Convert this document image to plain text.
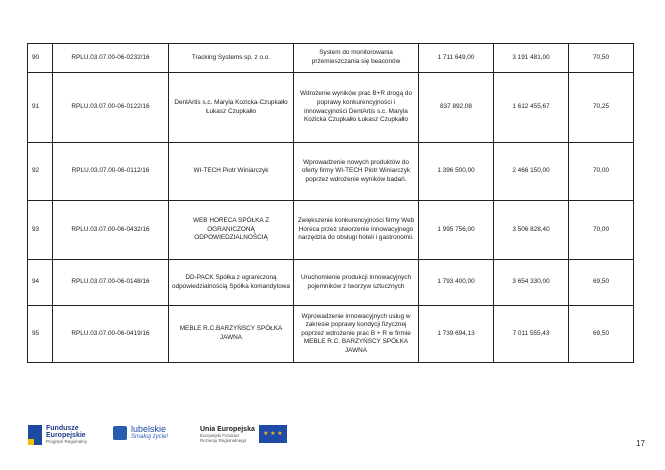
90	RPLU.03.07.00-06-0232/16	Tracking Systems sp. z o.o.	System do monitorowania przemieszczania się beaconów	1 711 649,00	3 191 481,00	70,50
91	RPLU.03.07.00-06-0122/16	DentArtis s.c. Maryla Kozicka-Czupkałło Łukasz Czupkałło	Wdrożenie wyników prac B+R drogą do poprawy konkurencyjności i innowacyjności DentArtis s.c. Maryla Kozicka Czupkałło Łukasz Czupkałło	837 892,08	1 612 455,67	70,25
92	RPLU.03.07.00-06-0112/16	WI-TECH Piotr Winiarczyk	Wprowadzenie nowych produktów do oferty firmy WI-TECH Piotr Winiarczyk poprzez wdrożenie wyników badań.	1 396 500,00	2 466 150,00	70,00
93	RPLU.03.07.00-06-0432/16	WEB HORECA SPÓŁKA Z OGRANICZONĄ ODPOWIEDZIALNOŚCIĄ	Zwiększenie konkurencyjności firmy Web Horeca przez stworzenie innowacyjnego narzędzia do obsługi hoteli i gastronomii.	1 995 756,00	3 506 828,40	70,00
94	RPLU.03.07.00-06-0148/16	DD-PACK Spółka z ograniczoną odpowiedzialnością Spółka komandytowa	Uruchomienie produkcji innowacyjnych pojemników z tworzyw sztucznych	1 793 400,00	3 654 330,00	69,50
95	RPLU.03.07.00-06-0419/16	MEBLE R.C.BARZYŃSCY SPÓŁKA JAWNA	Wprowadzenie innowacyjnych usług w zakresie poprawy kondycji fizycznej poprzez wdrożenie prac B + R w firmie MEBLE R.C. BARZYŃSCY SPÓŁKA JAWNA	1 739 694,13	7 011 555,43	69,50
Fundusze
Europejskie
Program Regionalny
lubelskie
Smakuj życie!
Unia Europejska
Europejski Fundusz
Rozwoju Regionalnego
★ ★ ★
17
